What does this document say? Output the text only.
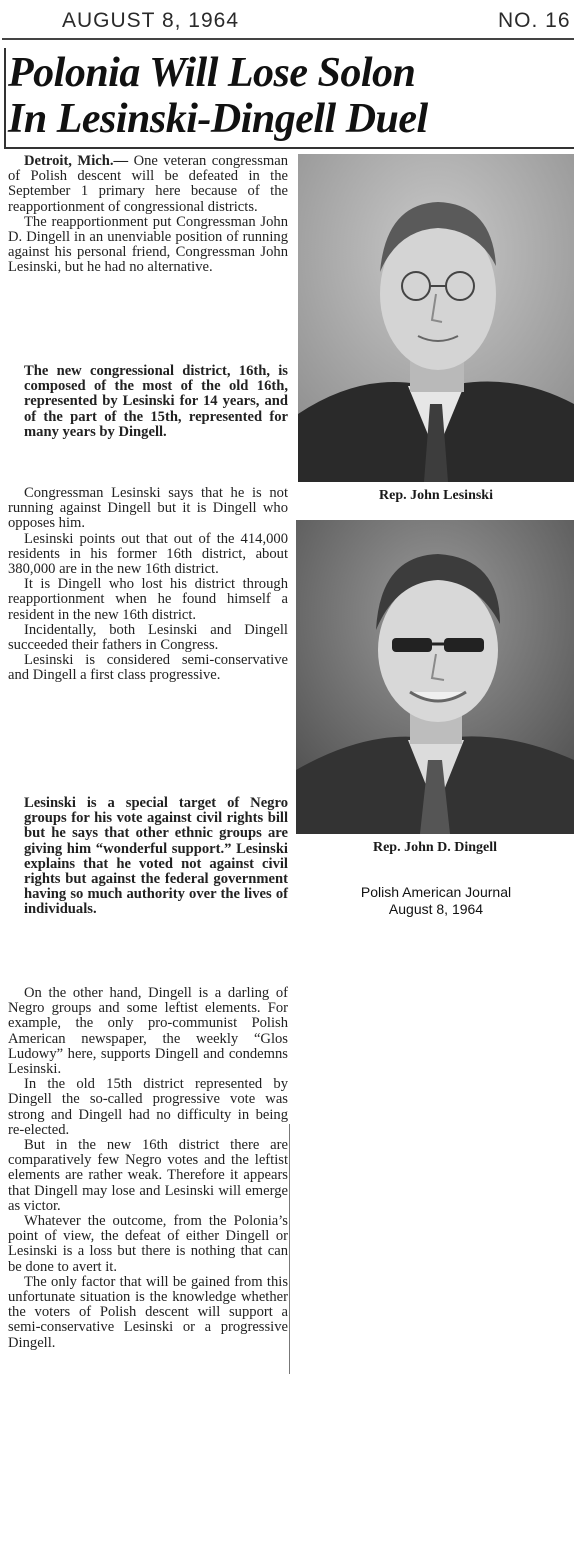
AUGUST 8, 1964	NO. 16
Polonia Will Lose Solon
In Lesinski-Dingell Duel

Detroit, Mich.— One veteran congressman of Polish descent will be defeated in the September 1 primary here because of the reapportionment of congressional districts.

The reapportionment put Congressman John D. Dingell in an unenviable position of running against his personal friend, Congressman John Lesinski, but he had no alternative.

The new congressional district, 16th, is composed of the most of the old 16th, represented by Lesinski for 14 years, and of the part of the 15th, represented for many years by Dingell.

Congressman Lesinski says that he is not running against Dingell but it is Dingell who opposes him.

Lesinski points out that out of the 414,000 residents in his former 16th district, about 380,000 are in the new 16th district.

It is Dingell who lost his district through reapportionment when he found himself a resident in the new 16th district.

Incidentally, both Lesinski and Dingell succeeded their fathers in Congress.

Lesinski is considered semi-conservative and Dingell a first class progressive.

Lesinski is a special target of Negro groups for his vote against civil rights bill but he says that other ethnic groups are giving him “wonderful support.” Lesinski explains that he voted not against civil rights but against the federal government having so much authority over the lives of individuals.

On the other hand, Dingell is a darling of Negro groups and some leftist elements. For example, the only pro-communist Polish American newspaper, the weekly “Glos Ludowy” here, supports Dingell and condemns Lesinski.

In the old 15th district represented by Dingell the so-called progressive vote was strong and Dingell had no difficulty in being re-elected.

But in the new 16th district there are comparatively few Negro votes and the leftist elements are rather weak. Therefore it appears that Dingell may lose and Lesinski will emerge as victor.

Whatever the outcome, from the Polonia’s point of view, the defeat of either Dingell or Lesinski is a loss but there is nothing that can be done to avert it.

The only factor that will be gained from this unfortunate situation is the knowledge whether the voters of Polish descent will support a semi-conservative Lesinski or a progressive Dingell.

Rep. John Lesinski
Rep. John D. Dingell
Polish American Journal
August 8, 1964
